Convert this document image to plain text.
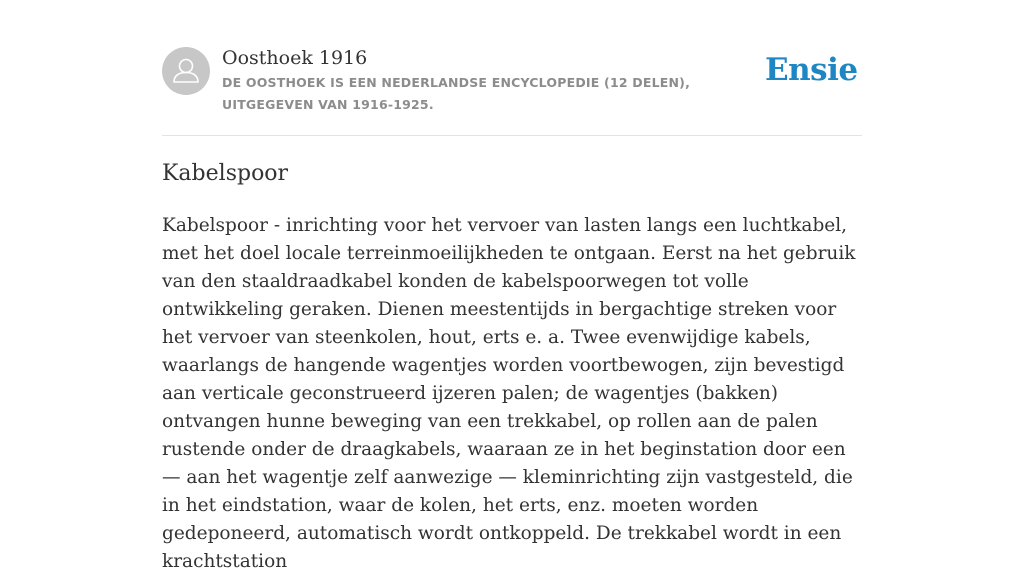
Oosthoek 1916
DE OOSTHOEK IS EEN NEDERLANDSE ENCYCLOPEDIE (12 DELEN), UITGEGEVEN VAN 1916-1925.
Ensie
Kabelspoor

Kabelspoor - inrichting voor het vervoer van lasten langs een luchtkabel, met het doel locale terreinmoeilijkheden te ontgaan. Eerst na het gebruik van den staaldraadkabel konden de kabelspoorwegen tot volle ontwikkeling geraken. Dienen meestentijds in bergachtige streken voor het vervoer van steenkolen, hout, erts e. a. Twee evenwijdige kabels, waarlangs de hangende wagentjes worden voortbewogen, zijn bevestigd aan verticale geconstrueerd ijzeren palen; de wagentjes (bakken) ontvangen hunne beweging van een trekkabel, op rollen aan de palen rustende onder de draagkabels, waaraan ze in het beginstation door een — aan het wagentje zelf aanwezige — kleminrichting zijn vastgesteld, die in het eindstation, waar de kolen, het erts, enz. moeten worden gedeponeerd, automatisch wordt ontkoppeld. De trekkabel wordt in een krachtstation
